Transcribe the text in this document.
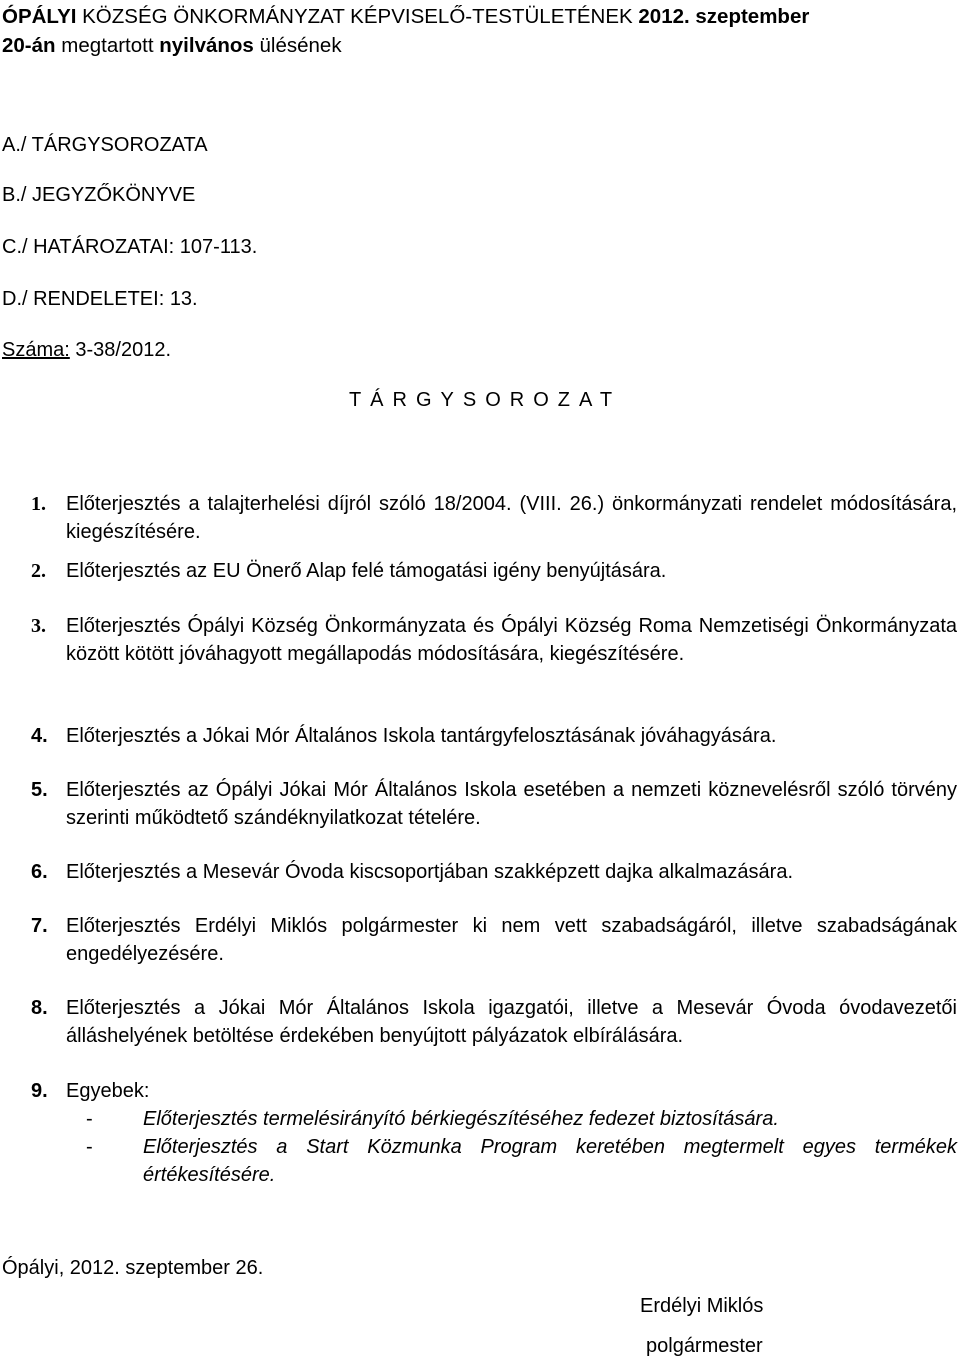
ÓPÁLYI KÖZSÉG ÖNKORMÁNYZAT KÉPVISELŐ-TESTÜLETÉNEK 2012. szeptember
20-án megtartott nyilvános ülésének
A./ TÁRGYSOROZATA
B./ JEGYZŐKÖNYVE
C./ HATÁROZATAI: 107-113.
D./ RENDELETEI: 13.
Száma: 3-38/2012.
TÁRGYSOROZAT
1.	Előterjesztés a talajterhelési díjról szóló 18/2004. (VIII. 26.) önkormányzati rendelet módosítására, kiegészítésére.
2.	Előterjesztés az EU Önerő Alap felé támogatási igény benyújtására.
3.	Előterjesztés Ópályi Község Önkormányzata és Ópályi Község Roma Nemzetiségi Önkormányzata között kötött jóváhagyott megállapodás módosítására, kiegészítésére.
4. Előterjesztés a Jókai Mór Általános Iskola tantárgyfelosztásának jóváhagyására.
5. Előterjesztés az Ópályi Jókai Mór Általános Iskola esetében a nemzeti köznevelésről szóló törvény szerinti működtető szándéknyilatkozat tételére.
6. Előterjesztés a Mesevár Óvoda kiscsoportjában szakképzett dajka alkalmazására.
7. Előterjesztés Erdélyi Miklós polgármester ki nem vett szabadságáról, illetve szabadságának engedélyezésére.
8. Előterjesztés a Jókai Mór Általános Iskola igazgatói, illetve a Mesevár Óvoda óvodavezetői álláshelyének betöltése érdekében benyújtott pályázatok elbírálására.
9. Egyebek:
-	Előterjesztés termelésirányító bérkiegészítéséhez fedezet biztosítására.
-	Előterjesztés a Start Közmunka Program keretében megtermelt egyes termékek értékesítésére.
Ópályi, 2012. szeptember 26.
Erdélyi Miklós
polgármester
